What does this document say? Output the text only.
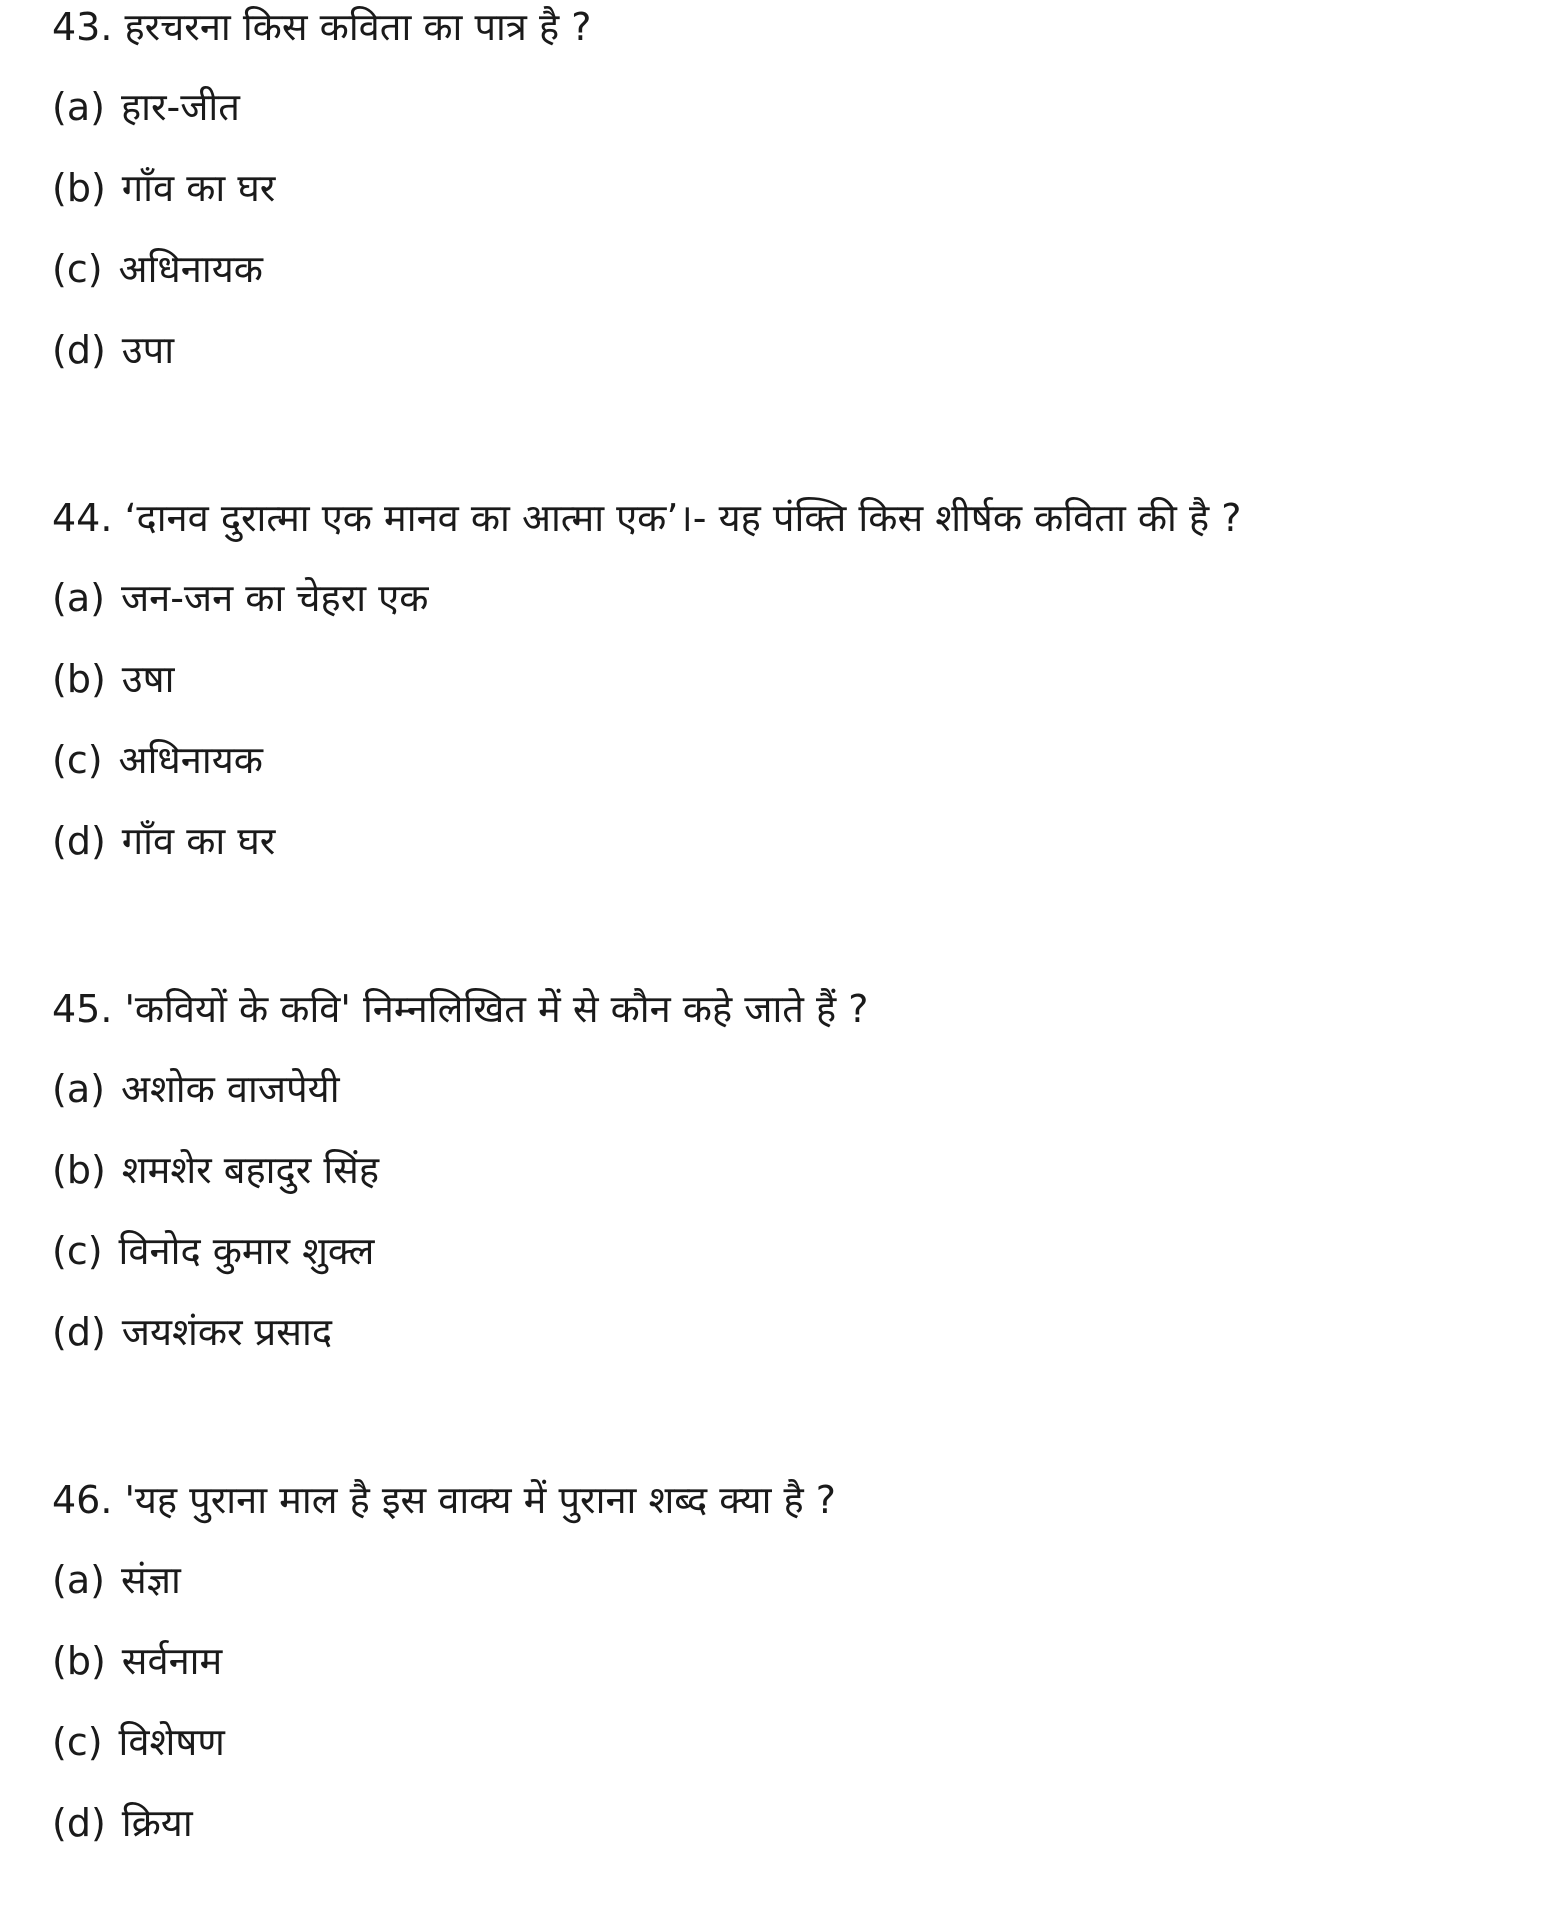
43. हरचरना किस कविता का पात्र है ?
(a) हार-जीत
(b) गाँव का घर
(c) अधिनायक
(d) उपा
44. ‘दानव दुरात्मा एक मानव का आत्मा एक’।- यह पंक्ति किस शीर्षक कविता की है ?
(a) जन-जन का चेहरा एक
(b) उषा
(c) अधिनायक
(d) गाँव का घर
45. 'कवियों के कवि' निम्नलिखित में से कौन कहे जाते हैं ?
(a) अशोक वाजपेयी
(b) शमशेर बहादुर सिंह
(c) विनोद कुमार शुक्ल
(d) जयशंकर प्रसाद
46. 'यह पुराना माल है इस वाक्य में पुराना शब्द क्या है ?
(a) संज्ञा
(b) सर्वनाम
(c) विशेषण
(d) क्रिया
